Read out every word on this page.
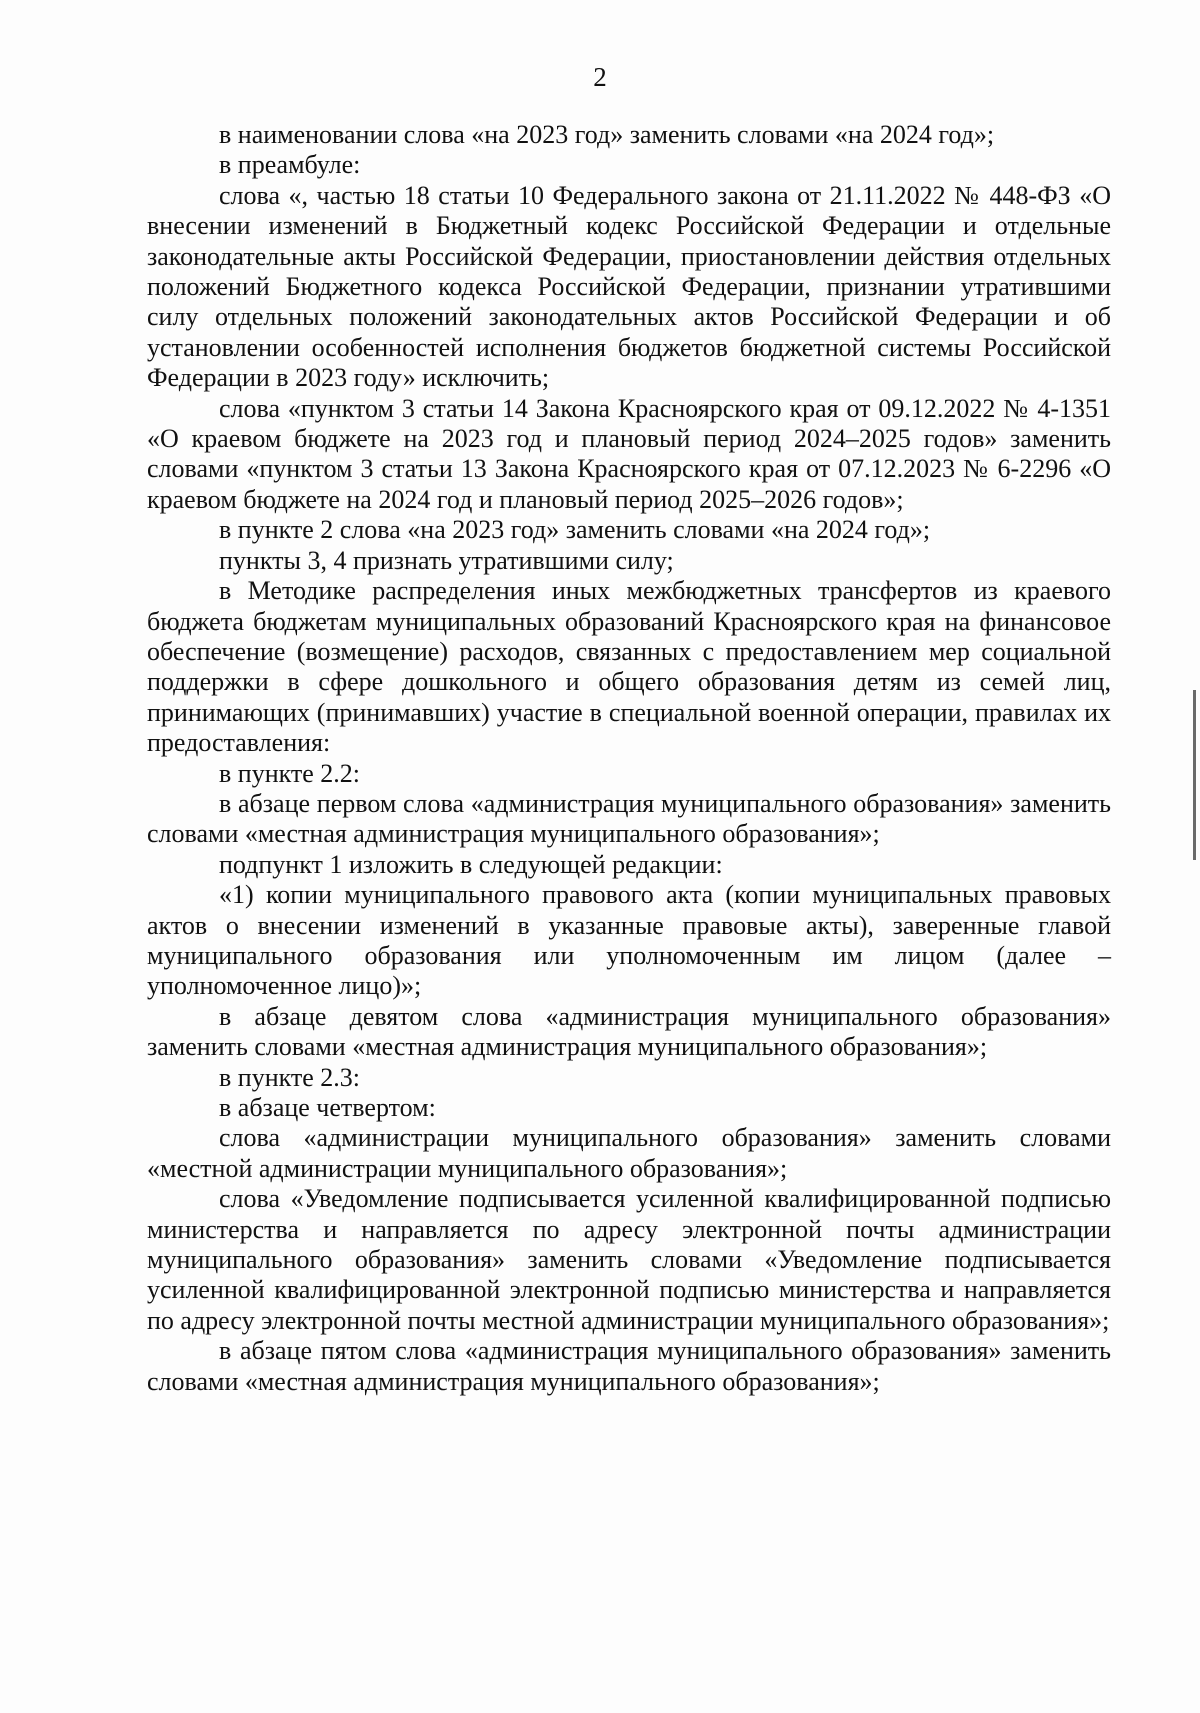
2

в наименовании слова «на 2023 год» заменить словами «на 2024 год»;

в преамбуле:

слова «, частью 18 статьи 10 Федерального закона от 21.11.2022 № 448-ФЗ «О внесении изменений в Бюджетный кодекс Российской Федерации и отдельные законодательные акты Российской Федерации, приостановлении действия отдельных положений Бюджетного кодекса Российской Федерации, признании утратившими силу отдельных положений законодательных актов Российской Федерации и об установлении особенностей исполнения бюджетов бюджетной системы Российской Федерации в 2023 году» исключить;

слова «пунктом 3 статьи 14 Закона Красноярского края от 09.12.2022 № 4-1351 «О краевом бюджете на 2023 год и плановый период 2024–2025 годов» заменить словами «пунктом 3 статьи 13 Закона Красноярского края от 07.12.2023 № 6-2296 «О краевом бюджете на 2024 год и плановый период 2025–2026 годов»;

в пункте 2 слова «на 2023 год» заменить словами «на 2024 год»;

пункты 3, 4 признать утратившими силу;

в Методике распределения иных межбюджетных трансфертов из краевого бюджета бюджетам муниципальных образований Красноярского края на финансовое обеспечение (возмещение) расходов, связанных с предоставлением мер социальной поддержки в сфере дошкольного и общего образования детям из семей лиц, принимающих (принимавших) участие в специальной военной операции, правилах их предоставления:

в пункте 2.2:

в абзаце первом слова «администрация муниципального образования» заменить словами «местная администрация муниципального образования»;

подпункт 1 изложить в следующей редакции:

«1) копии муниципального правового акта (копии муниципальных правовых актов о внесении изменений в указанные правовые акты), заверенные главой муниципального образования или уполномоченным им лицом (далее – уполномоченное лицо)»;

в абзаце девятом слова «администрация муниципального образования» заменить словами «местная администрация муниципального образования»;

в пункте 2.3:

в абзаце четвертом:

слова «администрации муниципального образования» заменить словами «местной администрации муниципального образования»;

слова «Уведомление подписывается усиленной квалифицированной подписью министерства и направляется по адресу электронной почты администрации муниципального образования» заменить словами «Уведомление подписывается усиленной квалифицированной электронной подписью министерства и направляется по адресу электронной почты местной администрации муниципального образования»;

в абзаце пятом слова «администрация муниципального образования» заменить словами «местная администрация муниципального образования»;
